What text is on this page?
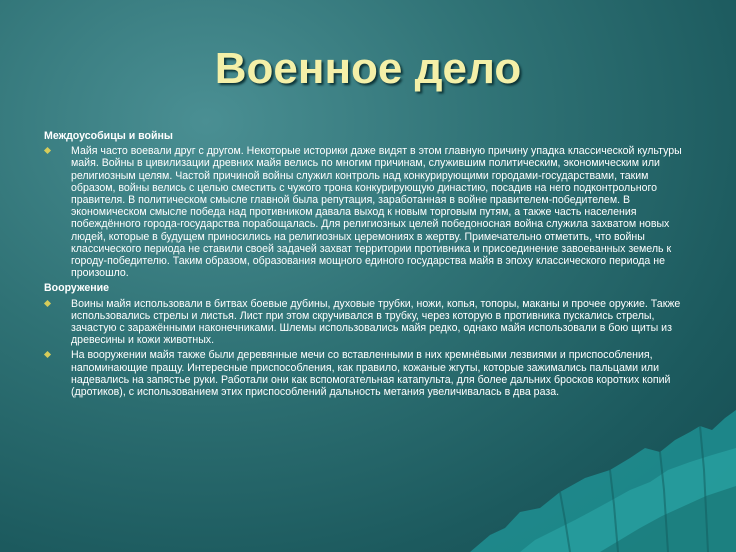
Военное дело
Междоусобицы и войны
Майя часто воевали друг с другом. Некоторые историки даже видят в этом главную причину упадка классической культуры майя. Войны в цивилизации древних майя велись по многим причинам, служившим политическим, экономическим или религиозным целям. Частой причиной войны служил контроль над конкурирующими городами-государствами, таким образом, войны велись с целью сместить с чужого трона конкурирующую династию, посадив на него подконтрольного правителя. В политическом смысле главной была репутация, заработанная в войне правителем-победителем. В экономическом смысле победа над противником давала выход к новым торговым путям, а также часть населения побеждённого города-государства порабощалась. Для религиозных целей победоносная война служила захватом новых людей, которые в будущем приносились на религиозных церемониях в жертву. Примечательно отметить, что войны классического периода не ставили своей задачей захват территории противника и присоединение завоеванных земель к городу-победителю. Таким образом, образования мощного единого государства майя в эпоху классического периода не произошло.
Вооружение
Воины майя использовали в битвах боевые дубины, духовые трубки, ножи, копья, топоры, маканы и прочее оружие. Также использовались стрелы и листья. Лист при этом скручивался в трубку, через которую в противника пускались стрелы, зачастую с заражёнными наконечниками. Шлемы использовались майя редко, однако майя использовали в бою щиты из древесины и кожи животных.
На вооружении майя также были деревянные мечи со вставленными в них кремнёвыми лезвиями и приспособления, напоминающие пращу. Интересные приспособления, как правило, кожаные жгуты, которые зажимались пальцами или надевались на запястье руки. Работали они как вспомогательная катапульта, для более дальних бросков коротких копий (дротиков), с использованием этих приспособлений дальность метания увеличивалась в два раза.
